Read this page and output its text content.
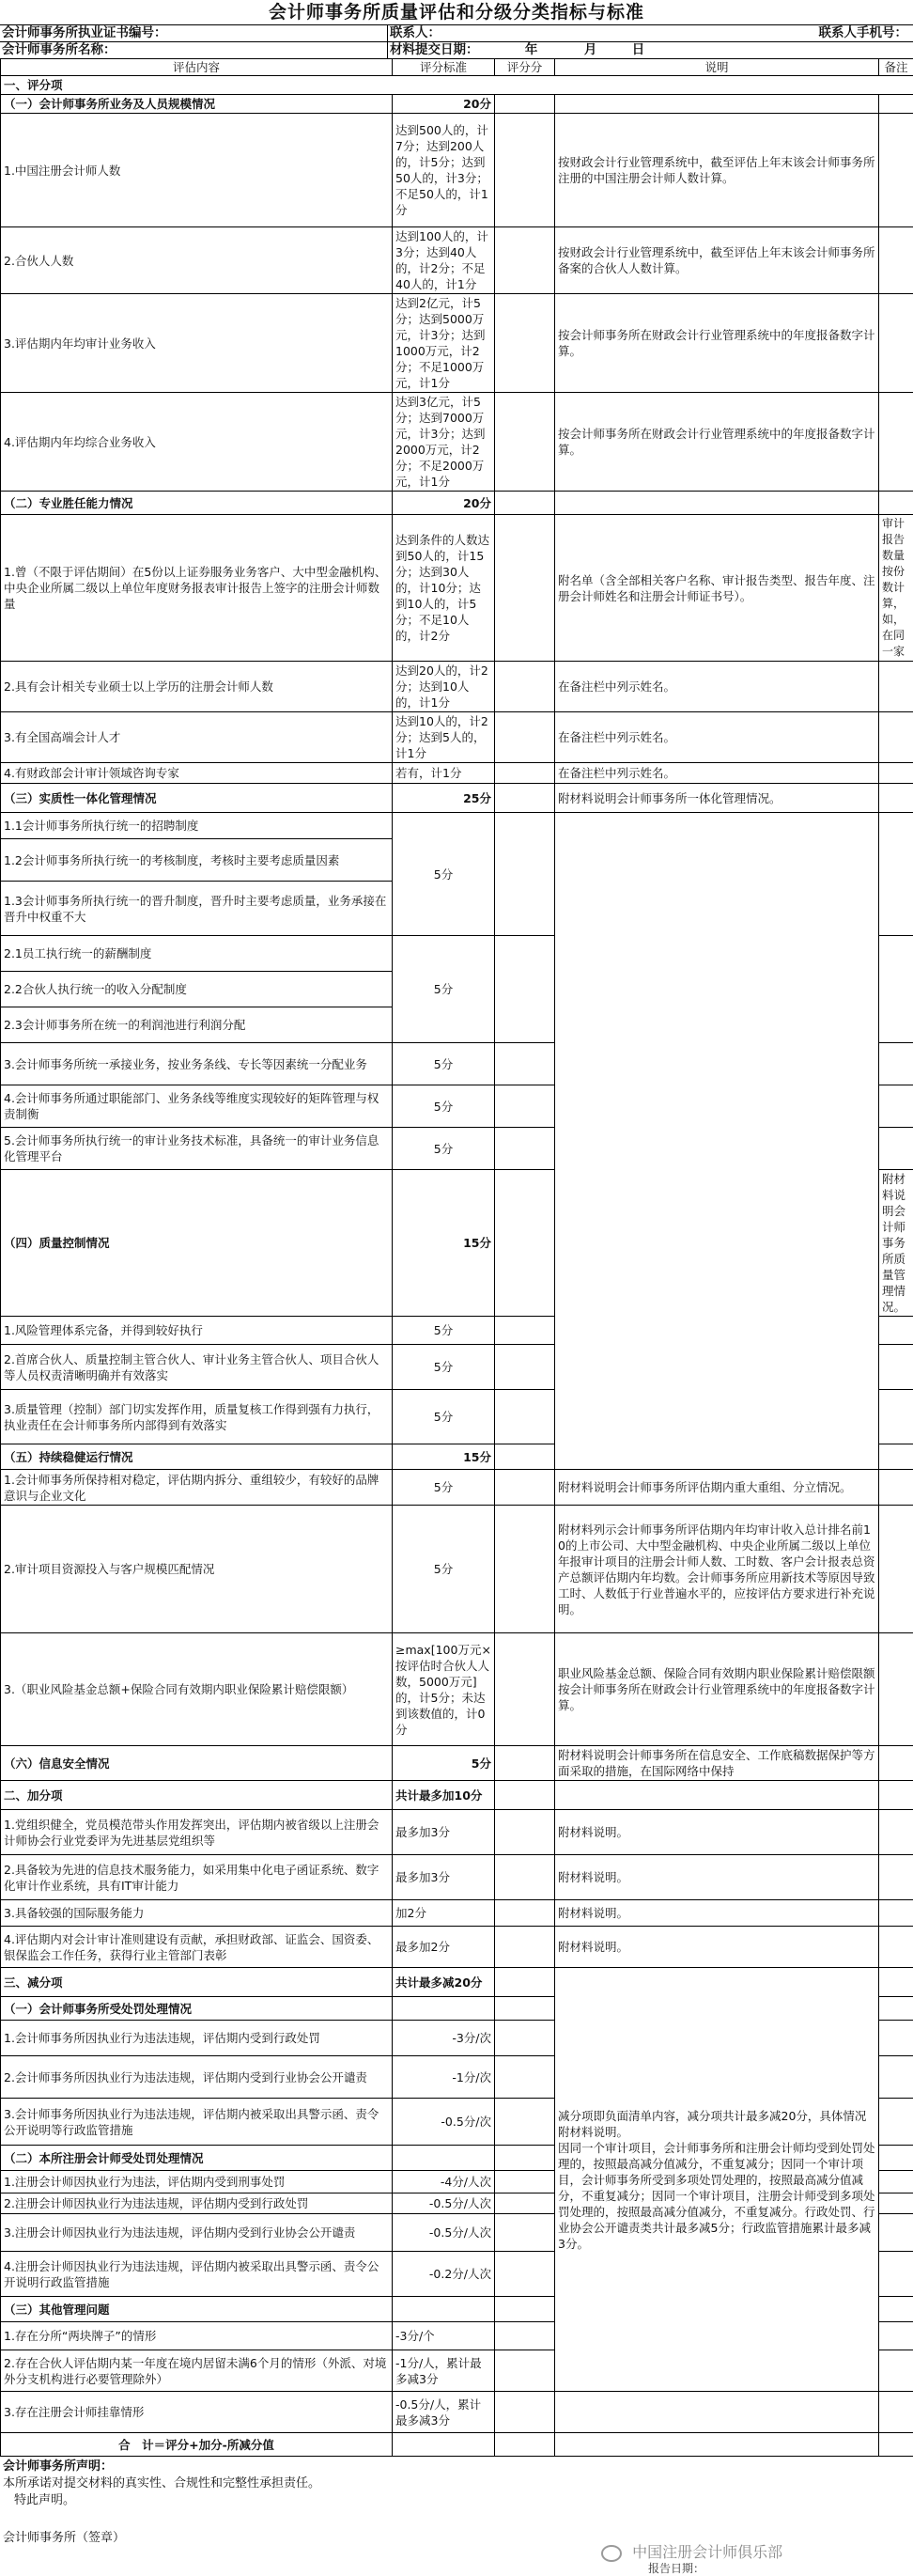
会计师事务所质量评估和分级分类指标与标准
会计师事务所执业证书编号：	联系人：	联系人手机号：
会计师事务所名称：	材料提交日期：	年	月	日
评估内容	评分标准	评分分	说明	备注	
一、评分项					
（一）会计师事务所业务及人员规模情况	20分				
1.中国注册会计师人数	达到500人的，计 7分；达到200人的，计5分；达到50人的，计3分；不足50人的，计1分		按财政会计行业管理系统中，截至评估上年末该会计师事务所注册的中国注册会计师人数计算。		
2.合伙人人数	达到100人的，计 3分；达到40人的，计2分；不足40人的，计1分		按财政会计行业管理系统中，截至评估上年末该会计师事务所备案的合伙人人数计算。		
3.评估期内年均审计业务收入	达到2亿元，计5分；达到5000万元，计3分；达到1000万元，计2分；不足1000万元，计1分		按会计师事务所在财政会计行业管理系统中的年度报备数字计算。		
4.评估期内年均综合业务收入	达到3亿元，计5分；达到7000万元，计3分；达到2000万元，计2分；不足2000万元，计1分		按会计师事务所在财政会计行业管理系统中的年度报备数字计算。		
（二）专业胜任能力情况	20分				
1.曾（不限于评估期间）在5份以上证券服务业务客户、大中型金融机构、中央企业所属二级以上单位年度财务报表审计报告上签字的注册会计师数量	达到条件的人数达到50人的，计15分；达到30人的，计10分；达到10人的，计5分；不足10人的，计2分		附名单（含全部相关客户名称、审计报告类型、报告年度、注册会计师姓名和注册会计师证书号）。	审计报告数量按份数计算，如，在同一家	
2.具有会计相关专业硕士以上学历的注册会计师人数	达到20人的，计2分；达到10人的，计1分		在备注栏中列示姓名。		
3.有全国高端会计人才	达到10人的，计2分；达到5人的，计1分		在备注栏中列示姓名。		
4.有财政部会计审计领域咨询专家	若有，计1分		在备注栏中列示姓名。		
（三）实质性一体化管理情况	25分		附材料说明会计师事务所一体化管理情况。		
1.1会计师事务所执行统一的招聘制度	5分				
1.2会计师事务所执行统一的考核制度，考核时主要考虑质量因素					
1.3会计师事务所执行统一的晋升制度，晋升时主要考虑质量，业务承接在晋升中权重不大					
2.1员工执行统一的薪酬制度	5分				
2.2合伙人执行统一的收入分配制度					
2.3会计师事务所在统一的利润池进行利润分配					
3.会计师事务所统一承接业务，按业务条线、专长等因素统一分配业务	5分				
4.会计师事务所通过职能部门、业务条线等维度实现较好的矩阵管理与权责制衡	5分				
5.会计师事务所执行统一的审计业务技术标准，具备统一的审计业务信息化管理平台	5分				
（四）质量控制情况	15分			附材料说明会计师事务所质量管理情况。	
1.风险管理体系完备，并得到较好执行	5分				
2.首席合伙人、质量控制主管合伙人、审计业务主管合伙人、项目合伙人等人员权责清晰明确并有效落实	5分				
3.质量管理（控制）部门切实发挥作用，质量复核工作得到强有力执行，执业责任在会计师事务所内部得到有效落实	5分				
（五）持续稳健运行情况	15分				
1.会计师事务所保持相对稳定，评估期内拆分、重组较少，有较好的品牌意识与企业文化	5分		附材料说明会计师事务所评估期内重大重组、分立情况。		
2.审计项目资源投入与客户规模匹配情况	5分		附材料列示会计师事务所评估期内年均审计收入总计排名前10的上市公司、大中型金融机构、中央企业所属二级以上单位年报审计项目的注册会计师人数、工时数、客户会计报表总资产总额评估期内年均数。会计师事务所应用新技术等原因导致工时、人数低于行业普遍水平的，应按评估方要求进行补充说明。		
3.（职业风险基金总额+保险合同有效期内职业保险累计赔偿限额）	≥max[100万元×按评估时合伙人人数，5000万元]的，计5分；未达到该数值的，计0分		职业风险基金总额、保险合同有效期内职业保险累计赔偿限额按会计师事务所在财政会计行业管理系统中的年度报备数字计算。		
（六）信息安全情况	5分		附材料说明会计师事务所在信息安全、工作底稿数据保护等方面采取的措施，在国际网络中保持		
二、加分项	共计最多加10分				
1.党组织健全，党员模范带头作用发挥突出，评估期内被省级以上注册会计师协会行业党委评为先进基层党组织等	最多加3分		附材料说明。		
2.具备较为先进的信息技术服务能力，如采用集中化电子函证系统、数字化审计作业系统，具有IT审计能力	最多加3分		附材料说明。		
3.具备较强的国际服务能力	加2分		附材料说明。		
4.评估期内对会计审计准则建设有贡献，承担财政部、证监会、国资委、银保监会工作任务，获得行业主管部门表彰	最多加2分		附材料说明。		
三、减分项	共计最多减20分		减分项即负面清单内容，减分项共计最多减20分，具体情况附材料说明。
因同一个审计项目，会计师事务所和注册会计师均受到处罚处理的，按照最高减分值减分，不重复减分；因同一个审计项目，会计师事务所受到多项处罚处理的，按照最高减分值减分，不重复减分；因同一个审计项目，注册会计师受到多项处罚处理的，按照最高减分值减分，不重复减分。行政处罚、行业协会公开谴责类共计最多减5分；行政监管措施累计最多减3分。		
（一）会计师事务所受处罚处理情况					
1.会计师事务所因执业行为违法违规，评估期内受到行政处罚	-3分/次				
2.会计师事务所因执业行为违法违规，评估期内受到行业协会公开谴责	-1分/次				
3.会计师事务所因执业行为违法违规，评估期内被采取出具警示函、责令公开说明等行政监管措施	-0.5分/次				
（二）本所注册会计师受处罚处理情况					
1.注册会计师因执业行为违法，评估期内受到刑事处罚	-4分/人次				
2.注册会计师因执业行为违法违规，评估期内受到行政处罚	-0.5分/人次				
3.注册会计师因执业行为违法违规，评估期内受到行业协会公开谴责	-0.5分/人次				
4.注册会计师因执业行为违法违规，评估期内被采取出具警示函、责令公开说明行政监管措施	-0.2分/人次				
（三）其他管理问题					
1.存在分所“两块牌子”的情形	-3分/个				
2.存在合伙人评估期内某一年度在境内居留未满6个月的情形（外派、对境外分支机构进行必要管理除外）	-1分/人，累计最多减3分				
3.存在注册会计师挂靠情形	-0.5分/人，累计最多减3分				
合　计＝评分+加分-所减分值					
会计师事务所声明：
本所承诺对提交材料的真实性、合规性和完整性承担责任。
特此声明。
会计师事务所（签章）
中国注册会计师俱乐部
报告日期：
